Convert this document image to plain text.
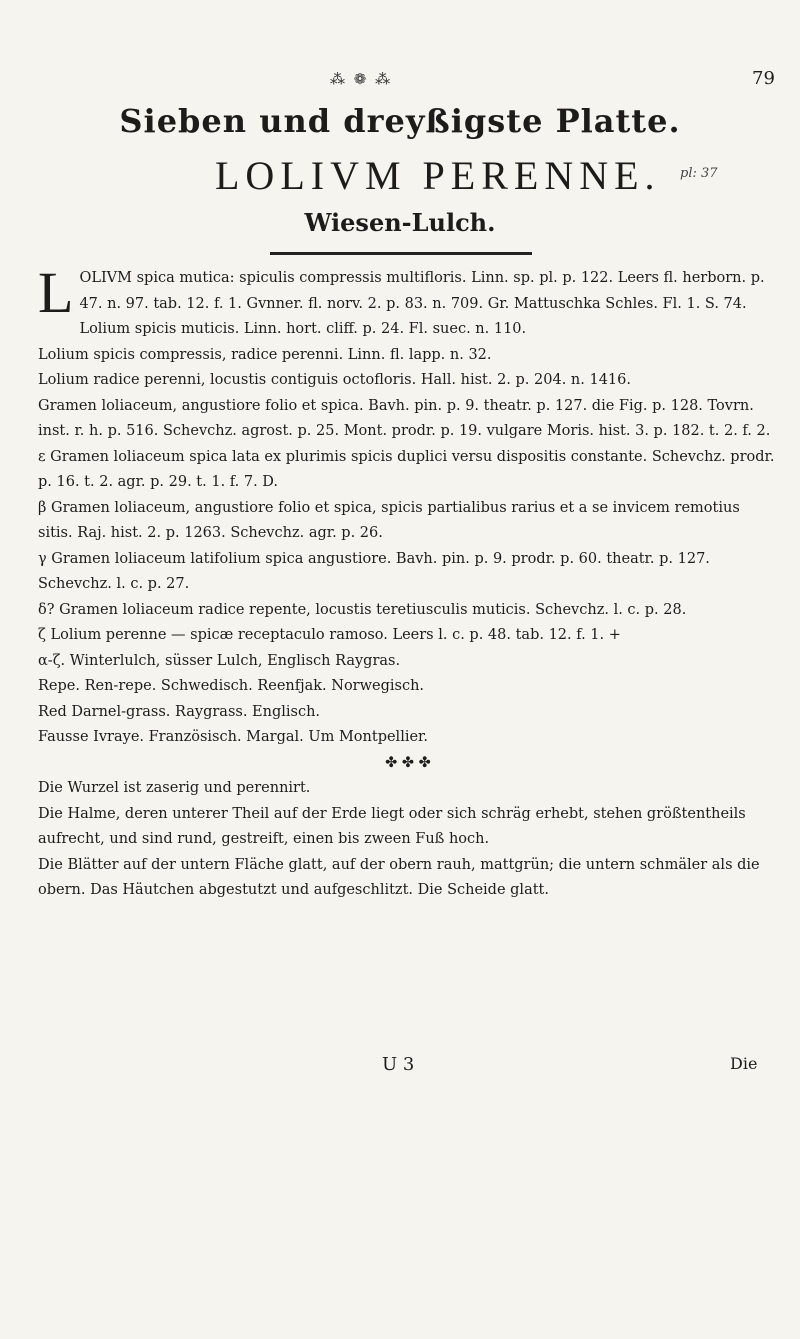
⁂ ❁ ⁂	79
Sieben und dreyßigste Platte.
LOLIVM PERENNE. pl: 37
Wiesen-Lulch.

LOLIVM spica mutica: spiculis compressis multifloris. Linn. sp. pl. p. 122. Leers fl. herborn. p. 47. n. 97. tab. 12. f. 1. Gvnner. fl. norv. 2. p. 83. n. 709. Gr. Mattuschka Schles. Fl. 1. S. 74.

Lolium spicis muticis. Linn. hort. cliff. p. 24. Fl. suec. n. 110.

Lolium spicis compressis, radice perenni. Linn. fl. lapp. n. 32.

Lolium radice perenni, locustis contiguis octofloris. Hall. hist. 2. p. 204. n. 1416.

Gramen loliaceum, angustiore folio et spica. Bavh. pin. p. 9. theatr. p. 127. die Fig. p. 128. Tovrn. inst. r. h. p. 516. Schevchz. agrost. p. 25. Mont. prodr. p. 19. vulgare Moris. hist. 3. p. 182. t. 2. f. 2.

ε Gramen loliaceum spica lata ex plurimis spicis duplici versu dispositis constante. Schevchz. prodr. p. 16. t. 2. agr. p. 29. t. 1. f. 7. D.

β Gramen loliaceum, angustiore folio et spica, spicis partialibus rarius et a se invicem remotius sitis. Raj. hist. 2. p. 1263. Schevchz. agr. p. 26.

γ Gramen loliaceum latifolium spica angustiore. Bavh. pin. p. 9. prodr. p. 60. theatr. p. 127. Schevchz. l. c. p. 27.

δ? Gramen loliaceum radice repente, locustis teretiusculis muticis. Schevchz. l. c. p. 28.

ζ Lolium perenne — spicæ receptaculo ramoso. Leers l. c. p. 48. tab. 12. f. 1. +

α-ζ. Winterlulch, süsser Lulch, Englisch Raygras.

Repe. Ren-repe. Schwedisch. Reenfjak. Norwegisch.

Red Darnel-grass. Raygrass. Englisch.

Fausse Ivraye. Französisch. Margal. Um Montpellier.

✤ ✤ ✤

Die Wurzel ist zaserig und perennirt.

Die Halme, deren unterer Theil auf der Erde liegt oder sich schräg erhebt, stehen größtentheils aufrecht, und sind rund, gestreift, einen bis zween Fuß hoch.

Die Blätter auf der untern Fläche glatt, auf der obern rauh, mattgrün; die untern schmäler als die obern. Das Häutchen abgestutzt und aufgeschlitzt. Die Scheide glatt.

U 3	Die
